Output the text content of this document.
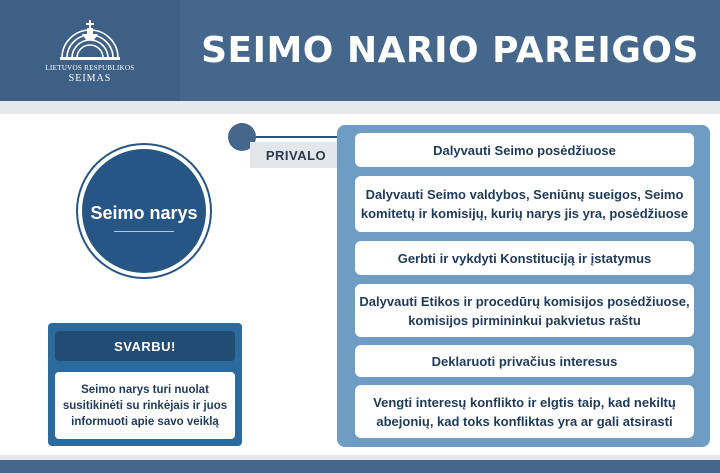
LIETUVOS RESPUBLIKOS
SEIMAS
SEIMO NARIO PAREIGOS
Seimo narys
PRIVALO	Dalyvauti Seimo posėdžiuose
Dalyvauti Seimo valdybos, Seniūnų sueigos, Seimo komitetų ir komisijų, kurių narys jis yra, posėdžiuose
Gerbti ir vykdyti Konstituciją ir įstatymus
Dalyvauti Etikos ir procedūrų komisijos posėdžiuose, komisijos pirmininkui pakvietus raštu
Deklaruoti privačius interesus
Vengti interesų konflikto ir elgtis taip, kad nekiltų abejonių, kad toks konfliktas yra ar gali atsirasti
SVARBU!
Seimo narys turi nuolat susitikinėti su rinkėjais ir juos informuoti apie savo veiklą
